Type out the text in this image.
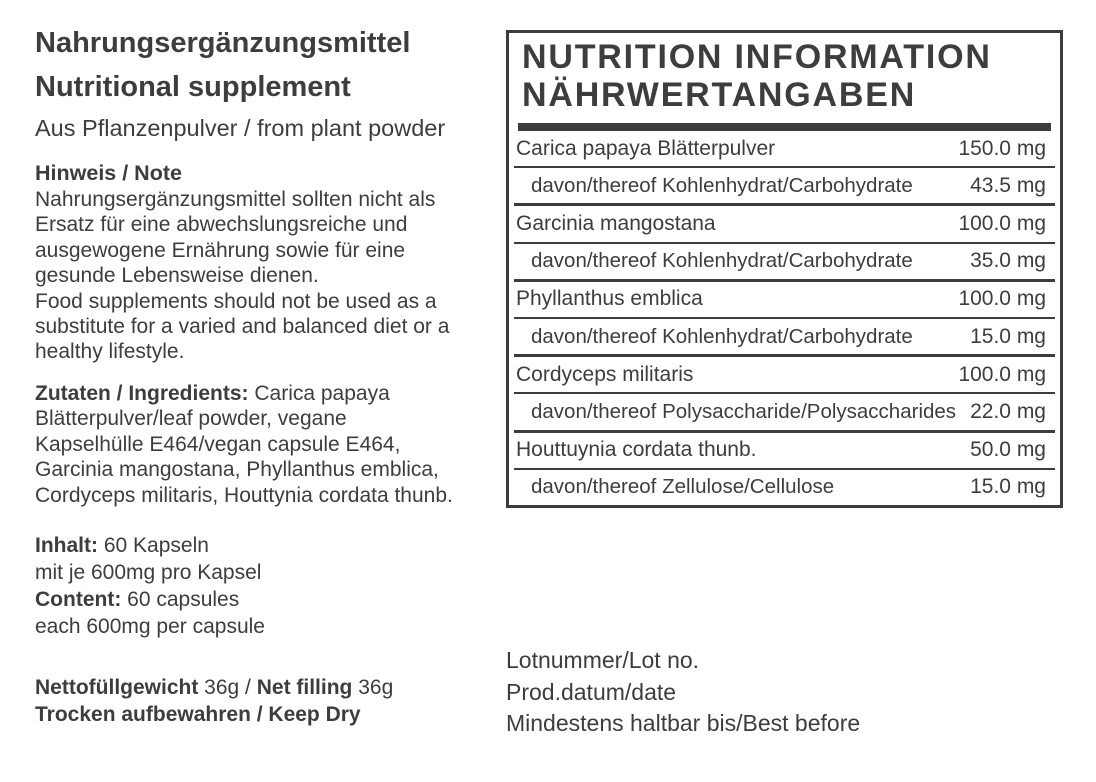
Nahrungsergänzungsmittel
Nutritional supplement
Aus Pflanzenpulver / from plant powder
Hinweis / Note
Nahrungsergänzungsmittel sollten nicht als
Ersatz für eine abwechslungsreiche und
ausgewogene Ernährung sowie für eine
gesunde Lebensweise dienen.
Food supplements should not be used as a
substitute for a varied and balanced diet or a
healthy lifestyle.
Zutaten / Ingredients: Carica papaya
Blätterpulver/leaf powder, vegane
Kapselhülle E464/vegan capsule E464,
Garcinia mangostana, Phyllanthus emblica,
Cordyceps militaris, Houttynia cordata thunb.
Inhalt: 60 Kapseln
mit je 600mg pro Kapsel
Content: 60 capsules
each 600mg per capsule
Nettofüllgewicht 36g / Net filling 36g
Trocken aufbewahren / Keep Dry
NUTRITION INFORMATION
NÄHRWERTANGABEN
Carica papaya Blätterpulver	150.0 mg
davon/thereof Kohlenhydrat/Carbohydrate	43.5 mg
Garcinia mangostana	100.0 mg
davon/thereof Kohlenhydrat/Carbohydrate	35.0 mg
Phyllanthus emblica	100.0 mg
davon/thereof Kohlenhydrat/Carbohydrate	15.0 mg
Cordyceps militaris	100.0 mg
davon/thereof Polysaccharide/Polysaccharides 22.0 mg
Houttuynia cordata thunb.	50.0 mg
davon/thereof Zellulose/Cellulose	15.0 mg
Lotnummer/Lot no.
Prod.datum/date
Mindestens haltbar bis/Best before
